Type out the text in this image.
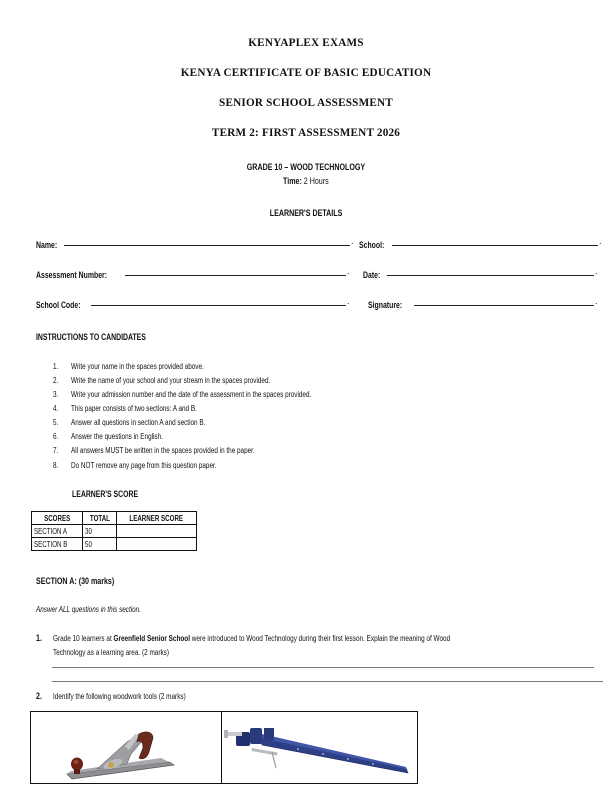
KENYAPLEX EXAMS
KENYA CERTIFICATE OF BASIC EDUCATION
SENIOR SCHOOL ASSESSMENT
TERM 2: FIRST ASSESSMENT 2026
GRADE 10 – WOOD TECHNOLOGY
Time: 2 Hours
LEARNER'S DETAILS
Name:	. School:	.
Assessment Number:	. Date:	.
School Code:	. Signature:	.
INSTRUCTIONS TO CANDIDATES
1. Write your name in the spaces provided above.
2. Write the name of your school and your stream in the spaces provided.
3. Write your admission number and the date of the assessment in the spaces provided.
4. This paper consists of two sections: A and B.
5. Answer all questions in section A and section B.
6. Answer the questions in English.
7. All answers MUST be written in the spaces provided in the paper.
8. Do NOT remove any page from this question paper.
LEARNER'S SCORE
SCORES	TOTAL	LEARNER SCORE
SECTION A	30	
SECTION B	50	
SECTION A: (30 marks)
Answer ALL questions in this section.
1. Grade 10 learners at Greenfield Senior School were introduced to Wood Technology during their first lesson. Explain the meaning of Wood
Technology as a learning area. (2 marks)
2. Identify the following woodwork tools (2 marks)
